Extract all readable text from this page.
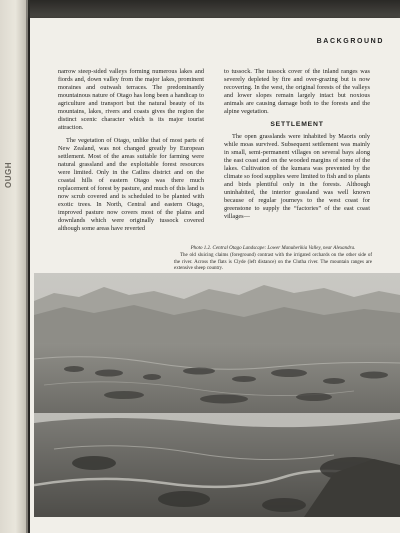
OUGH
BACKGROUND

narrow steep-sided valleys forming numerous lakes and fiords and, down valley from the major lakes, prominent moraines and outwash terraces. The predominantly mountainous nature of Otago has long been a handicap to agriculture and transport but the natural beauty of its mountains, lakes, rivers and coasts gives the region the distinct scenic character which is its major tourist attraction.

The vegetation of Otago, unlike that of most parts of New Zealand, was not changed greatly by European settlement. Most of the areas suitable for farming were natural grassland and the exploitable forest resources were limited. Only in the Catlins district and on the coastal hills of eastern Otago was there much replacement of forest by pasture, and much of this land is now scrub covered and is scheduled to be planted with exotic trees. In North, Central and eastern Otago, improved pasture now covers most of the plains and downlands which were originally tussock covered although some areas have reverted

to tussock. The tussock cover of the inland ranges was severely depleted by fire and over-grazing but is now recovering. In the west, the original forests of the valleys and lower slopes remain largely intact but noxious animals are causing damage both to the forests and the alpine vegetation.

SETTLEMENT

The open grasslands were inhabited by Maoris only while moas survived. Subsequent settlement was mainly in small, semi-permanent villages on several bays along the east coast and on the wooded margins of some of the lakes. Cultivation of the kumara was prevented by the climate so food supplies were limited to fish and to plants and birds plentiful only in the forests. Although uninhabited, the interior grassland was well known because of regular journeys to the west coast for greenstone to supply the “factories” of the east coast villages—

Photo 1.2. Central Otago Landscape: Lower Manuherikia Valley, near Alexandra.
The old sluicing claims (foreground) contrast with the irrigated orchards on the other side of the river. Across the flats is Clyde (left distance) on the Clutha river. The mountain ranges are extensive sheep country.
